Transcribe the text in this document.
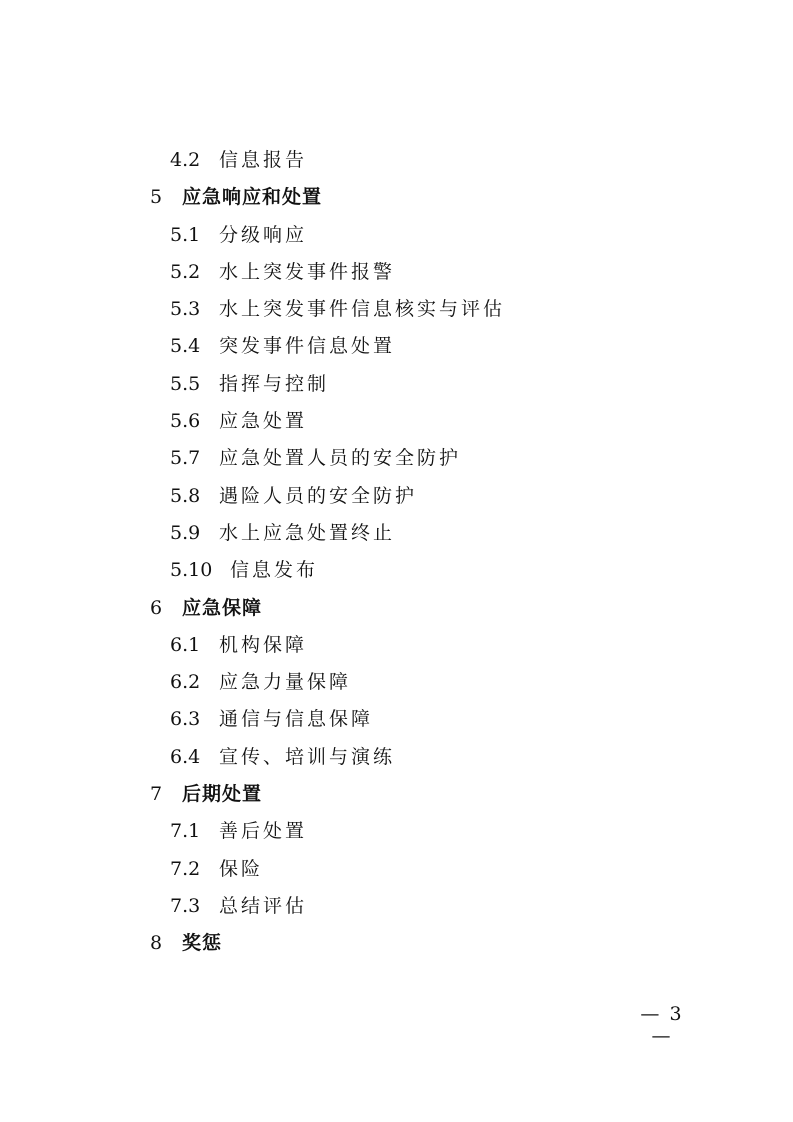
4.2 信息报告
5 应急响应和处置
5.1 分级响应
5.2 水上突发事件报警
5.3 水上突发事件信息核实与评估
5.4 突发事件信息处置
5.5 指挥与控制
5.6 应急处置
5.7 应急处置人员的安全防护
5.8 遇险人员的安全防护
5.9 水上应急处置终止
5.10 信息发布
6 应急保障
6.1 机构保障
6.2 应急力量保障
6.3 通信与信息保障
6.4 宣传、培训与演练
7 后期处置
7.1 善后处置
7.2 保险
7.3 总结评估
8 奖惩
— 3 —
